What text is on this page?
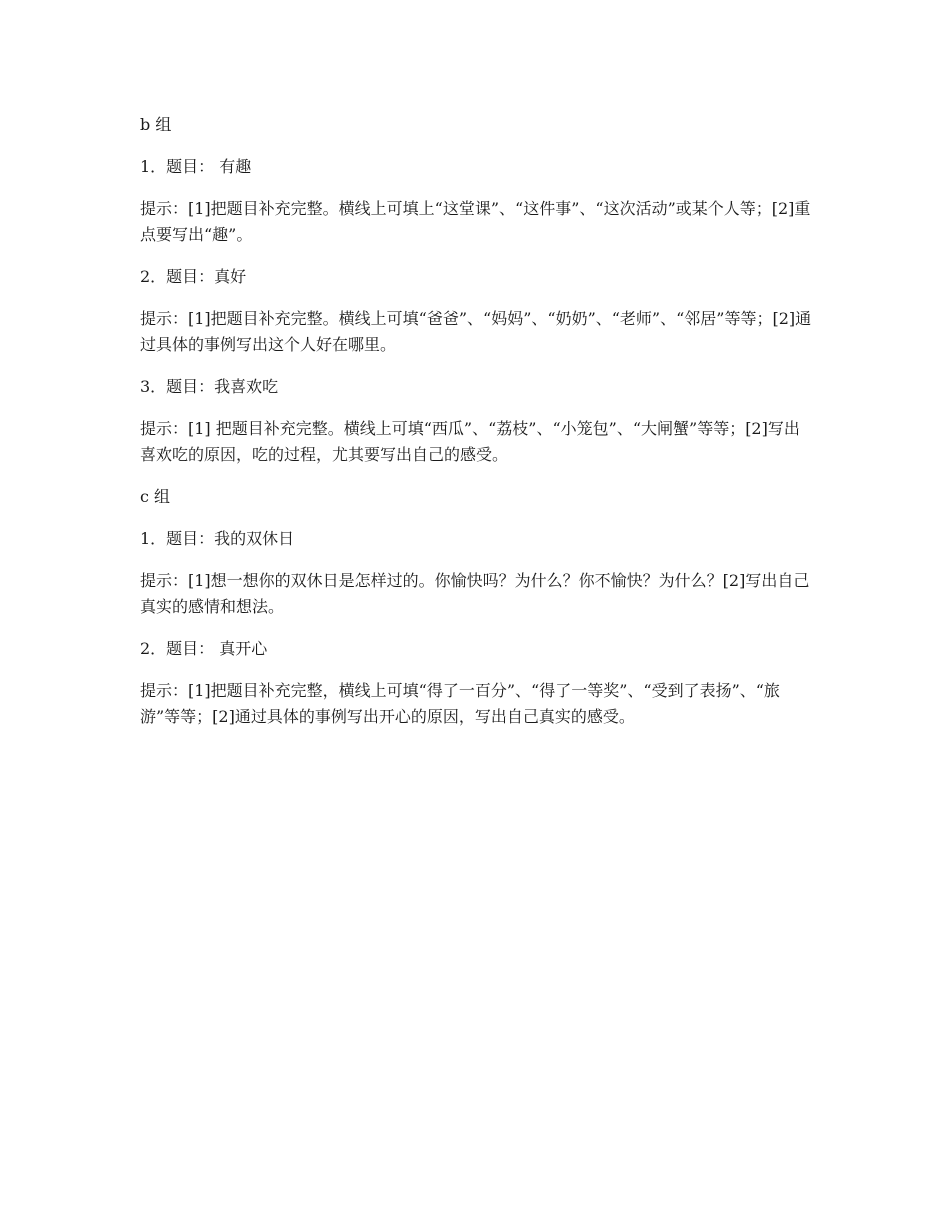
b 组
1．题目： 有趣
提示：[1]把题目补充完整。横线上可填上“这堂课”、“这件事”、“这次活动”或某个人等；[2]重点要写出“趣”。
2．题目：真好
提示：[1]把题目补充完整。横线上可填“爸爸”、“妈妈”、“奶奶”、“老师”、“邻居”等等；[2]通过具体的事例写出这个人好在哪里。
3．题目：我喜欢吃
提示：[1] 把题目补充完整。横线上可填“西瓜”、“荔枝”、“小笼包”、“大闸蟹”等等；[2]写出喜欢吃的原因，吃的过程，尤其要写出自己的感受。
c 组
1．题目：我的双休日
提示：[1]想一想你的双休日是怎样过的。你愉快吗？为什么？你不愉快？为什么？[2]写出自己真实的感情和想法。
2．题目： 真开心
提示：[1]把题目补充完整，横线上可填“得了一百分”、“得了一等奖”、“受到了表扬”、“旅游”等等；[2]通过具体的事例写出开心的原因，写出自己真实的感受。
